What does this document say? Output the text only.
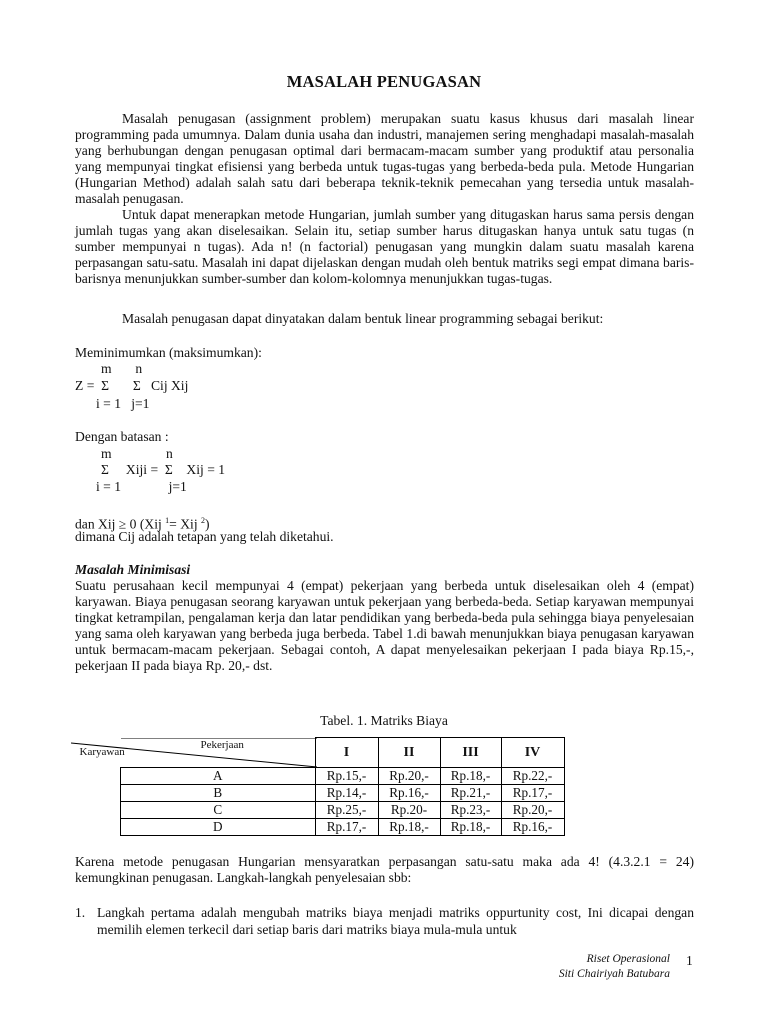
MASALAH PENUGASAN

Masalah penugasan (assignment problem) merupakan suatu kasus khusus dari masalah linear programming pada umumnya. Dalam dunia usaha dan industri, manajemen sering menghadapi masalah-masalah yang berhubungan dengan penugasan optimal dari bermacam-macam sumber yang produktif atau personalia yang mempunyai tingkat efisiensi yang berbeda untuk tugas-tugas yang berbeda-beda pula. Metode Hungarian (Hungarian Method) adalah salah satu dari beberapa teknik-teknik pemecahan yang tersedia untuk masalah-masalah penugasan.

Untuk dapat menerapkan metode Hungarian, jumlah sumber yang ditugaskan harus sama persis dengan jumlah tugas yang akan diselesaikan. Selain itu, setiap sumber harus ditugaskan hanya untuk satu tugas (n sumber mempunyai n tugas). Ada n! (n factorial) penugasan yang mungkin dalam suatu masalah karena perpasangan satu-satu. Masalah ini dapat dijelaskan dengan mudah oleh bentuk matriks segi empat dimana baris-barisnya menunjukkan sumber-sumber dan kolom-kolomnya menunjukkan tugas-tugas.

Masalah penugasan dapat dinyatakan dalam bentuk linear programming sebagai berikut:

Meminimumkan (maksimumkan):
m       n
Z =  Σ       Σ   Cij Xij
i = 1   j=1
Dengan batasan :
m                n
Σ     Xiji =  Σ    Xij = 1
i = 1              j=1
dan Xij ≥ 0 (Xij $^1$= Xij $^2$)
dimana Cij adalah tetapan yang telah diketahui.
Masalah Minimisasi

Suatu perusahaan kecil mempunyai 4 (empat) pekerjaan yang berbeda untuk diselesaikan oleh 4 (empat) karyawan. Biaya penugasan seorang karyawan untuk pekerjaan yang berbeda-beda. Setiap karyawan mempunyai tingkat ketrampilan, pengalaman kerja dan latar pendidikan yang berbeda-beda pula sehingga biaya penyelesaian yang sama oleh karyawan yang berbeda juga berbeda. Tabel 1.di bawah menunjukkan biaya penugasan karyawan untuk bermacam-macam pekerjaan. Sebagai contoh, A dapat menyelesaikan pekerjaan I pada biaya Rp.15,-, pekerjaan II pada biaya Rp. 20,- dst.

Tabel. 1. Matriks Biaya
Pekerjaan
Karyawan	I	II	III	IV
A	Rp.15,-	Rp.20,-	Rp.18,-	Rp.22,-
B	Rp.14,-	Rp.16,-	Rp.21,-	Rp.17,-
C	Rp.25,-	Rp.20-	Rp.23,-	Rp.20,-
D	Rp.17,-	Rp.18,-	Rp.18,-	Rp.16,-

Karena metode penugasan Hungarian mensyaratkan perpasangan satu-satu maka ada 4! (4.3.2.1 = 24) kemungkinan penugasan. Langkah-langkah penyelesaian sbb:

1. Langkah pertama adalah mengubah matriks biaya menjadi matriks oppurtunity cost, Ini dicapai dengan memilih elemen terkecil dari setiap baris dari matriks biaya mula-mula untuk
Riset Operasional
Siti Chairiyah Batubara
1
